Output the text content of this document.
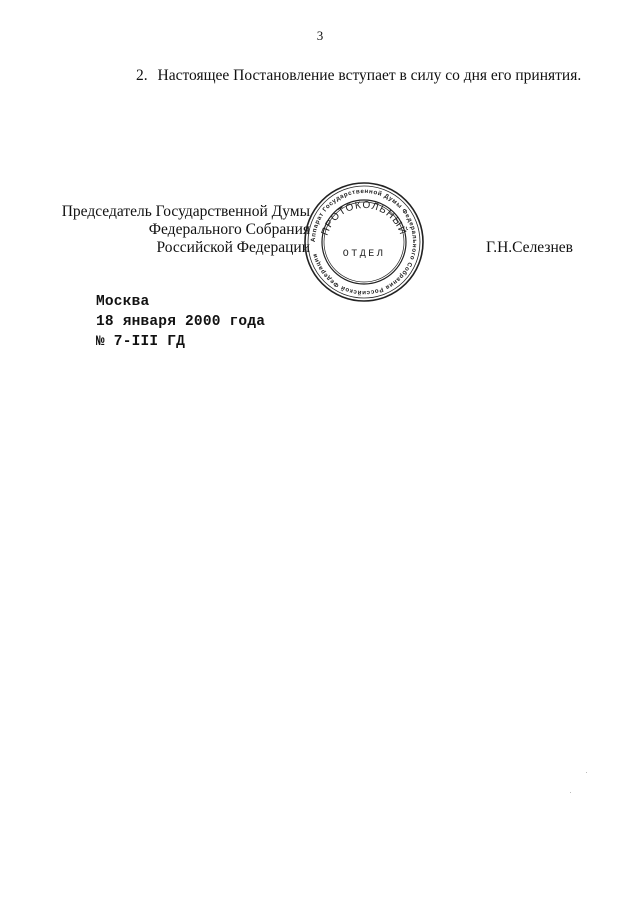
3
2. Настоящее Постановление вступает в силу со дня его принятия.
Председатель Государственной Думы
Федерального Собрания
Российской Федерации Аппарат Государственной Думы Федерального Собрания Российской Федерации
ПРОТОКОЛЬНЫЙ
ОТДЕЛ	Г.Н.Селезнев
Москва
18 января 2000 года
№ 7-III ГД
